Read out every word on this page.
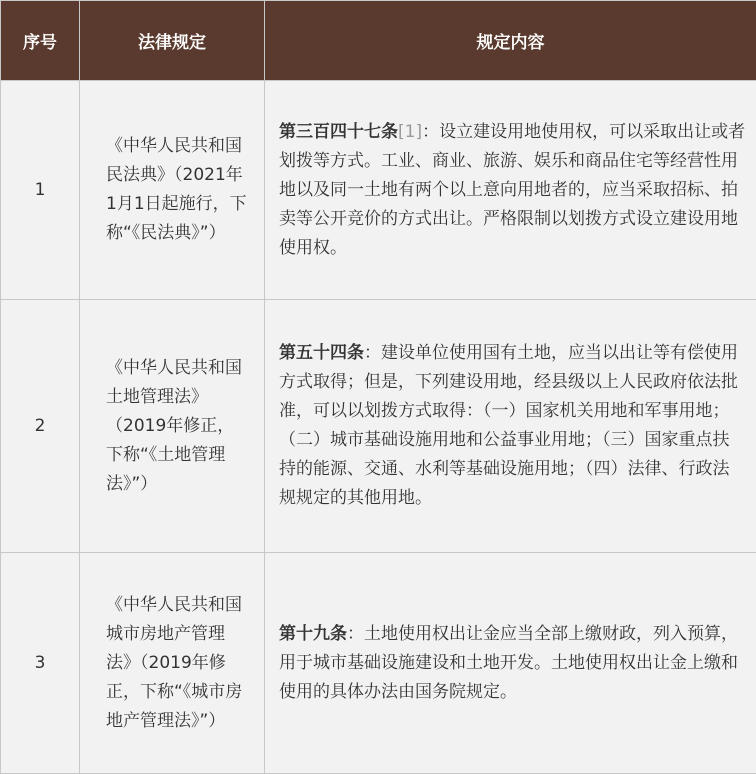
序号	法律规定	规定内容
1	《中华人民共和国民法典》（2021年1月1日起施行，下称“《民法典》”）	第三百四十七条[1]：设立建设用地使用权，可以采取出让或者划拨等方式。工业、商业、旅游、娱乐和商品住宅等经营性用地以及同一土地有两个以上意向用地者的，应当采取招标、拍卖等公开竞价的方式出让。严格限制以划拨方式设立建设用地使用权。
2	《中华人民共和国土地管理法》（2019年修正，下称“《土地管理法》”）	第五十四条：建设单位使用国有土地，应当以出让等有偿使用方式取得；但是，下列建设用地，经县级以上人民政府依法批准，可以以划拨方式取得：（一）国家机关用地和军事用地；（二）城市基础设施用地和公益事业用地；（三）国家重点扶持的能源、交通、水利等基础设施用地；（四）法律、行政法规规定的其他用地。
3	《中华人民共和国城市房地产管理法》（2019年修正，下称“《城市房地产管理法》”）	第十九条：土地使用权出让金应当全部上缴财政，列入预算，用于城市基础设施建设和土地开发。土地使用权出让金上缴和使用的具体办法由国务院规定。
